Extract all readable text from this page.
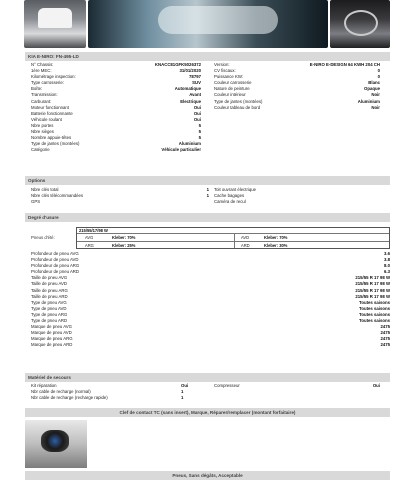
KIA E-NIRO: FN-495-LD
N° Chassis:	KNACC81GFK5026372
1ère MEC:	31/01/2020
Kilométrage inspection:	78797
Type carrosserie:	SUV
Boîte:	Automatique
Transmission:	Avant
Carburant:	Electrique
Moteur fonctionnant	Oui
Batterie fonctionnante	Oui
Véhicule roulant	Oui
Nbre portes	5
Nbre sièges	5
Nombre appuie-têtes	5
Type de jantes (montées)	Aluminium
Catégorie	Véhicule particulier
Version:	E-NIRO E-DESIGN 64 KWH 204 CH
CV fiscaux:	0
Puissance KW:	0
Couleur carrosserie	Blanc
Nature de peinture	Opaque
Couleur intérieur	Noir
Type de jantes (montées)	Aluminium
Couleur tableau de bord	Noir
Options
Nbre clés total	1
Nbre clés télécommandées	1
GPS
Toit ouvrant électrique
Cache bagages
Caméra de recul
Degré d'usure
Pneus d'été:
215/55/17/98 W
AVG	Kleber: 70%	AVD	Kleber: 70%
ARG	Kleber: 25%	ARD	Kleber: 30%
Profondeur de pneu AVG	3.6
Profondeur de pneu AVD	3.8
Profondeur de pneu ARG	8.0
Profondeur de pneu ARD	6.3
Taille de pneu AVG	215/55 R 17 98 W
Taille de pneu AVD	215/55 R 17 98 W
Taille de pneu ARG	215/55 R 17 98 W
Taille de pneu ARD	215/55 R 17 98 W
Type de pneu AVG	Toutes saisons
Type de pneu AVD	Toutes saisons
Type de pneu ARG	Toutes saisons
Type de pneu ARD	Toutes saisons
Marque de pneu AVG	2475
Marque de pneu AVD	2475
Marque de pneu ARG	2475
Marque de pneu ARD	2475
Matériel de secours
Kit réparation	Oui
Nbr cable de recharge (normal)	1
Nbr cable de recharge (recharge rapide)	1
Compresseur	Oui
Clef de contact TC (sans insert), Marque, Réparer/remplacer (montant forfaitaire)
Pneus, Sans dégâts, Acceptable
